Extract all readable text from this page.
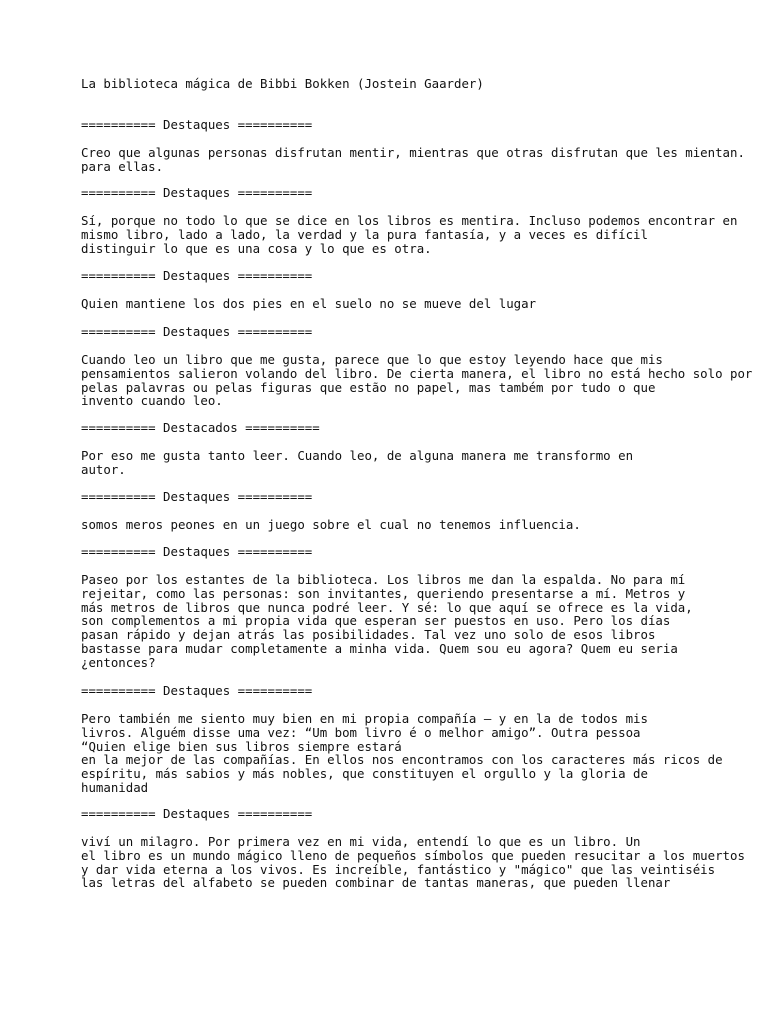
La biblioteca mágica de Bibbi Bokken (Jostein Gaarder)
========== Destaques ==========
Creo que algunas personas disfrutan mentir, mientras que otras disfrutan que les mientan.
para ellas.
========== Destaques ==========
Sí, porque no todo lo que se dice en los libros es mentira. Incluso podemos encontrar en
mismo libro, lado a lado, la verdad y la pura fantasía, y a veces es difícil
distinguir lo que es una cosa y lo que es otra.
========== Destaques ==========
Quien mantiene los dos pies en el suelo no se mueve del lugar
========== Destaques ==========
Cuando leo un libro que me gusta, parece que lo que estoy leyendo hace que mis
pensamientos salieron volando del libro. De cierta manera, el libro no está hecho solo por
pelas palavras ou pelas figuras que estão no papel, mas também por tudo o que
invento cuando leo.
========== Destacados ==========
Por eso me gusta tanto leer. Cuando leo, de alguna manera me transformo en
autor.
========== Destaques ==========
somos meros peones en un juego sobre el cual no tenemos influencia.
========== Destaques ==========
Paseo por los estantes de la biblioteca. Los libros me dan la espalda. No para mí
rejeitar, como las personas: son invitantes, queriendo presentarse a mí. Metros y
más metros de libros que nunca podré leer. Y sé: lo que aquí se ofrece es la vida,
son complementos a mi propia vida que esperan ser puestos en uso. Pero los días
pasan rápido y dejan atrás las posibilidades. Tal vez uno solo de esos libros
bastasse para mudar completamente a minha vida. Quem sou eu agora? Quem eu seria
¿entonces?
========== Destaques ==========
Pero también me siento muy bien en mi propia compañía — y en la de todos mis
livros. Alguém disse uma vez: “Um bom livro é o melhor amigo”. Outra pessoa
“Quien elige bien sus libros siempre estará
en la mejor de las compañías. En ellos nos encontramos con los caracteres más ricos de
espíritu, más sabios y más nobles, que constituyen el orgullo y la gloria de
humanidad
========== Destaques ==========
viví un milagro. Por primera vez en mi vida, entendí lo que es un libro. Un
el libro es un mundo mágico lleno de pequeños símbolos que pueden resucitar a los muertos
y dar vida eterna a los vivos. Es increíble, fantástico y "mágico" que las veintiséis
las letras del alfabeto se pueden combinar de tantas maneras, que pueden llenar
